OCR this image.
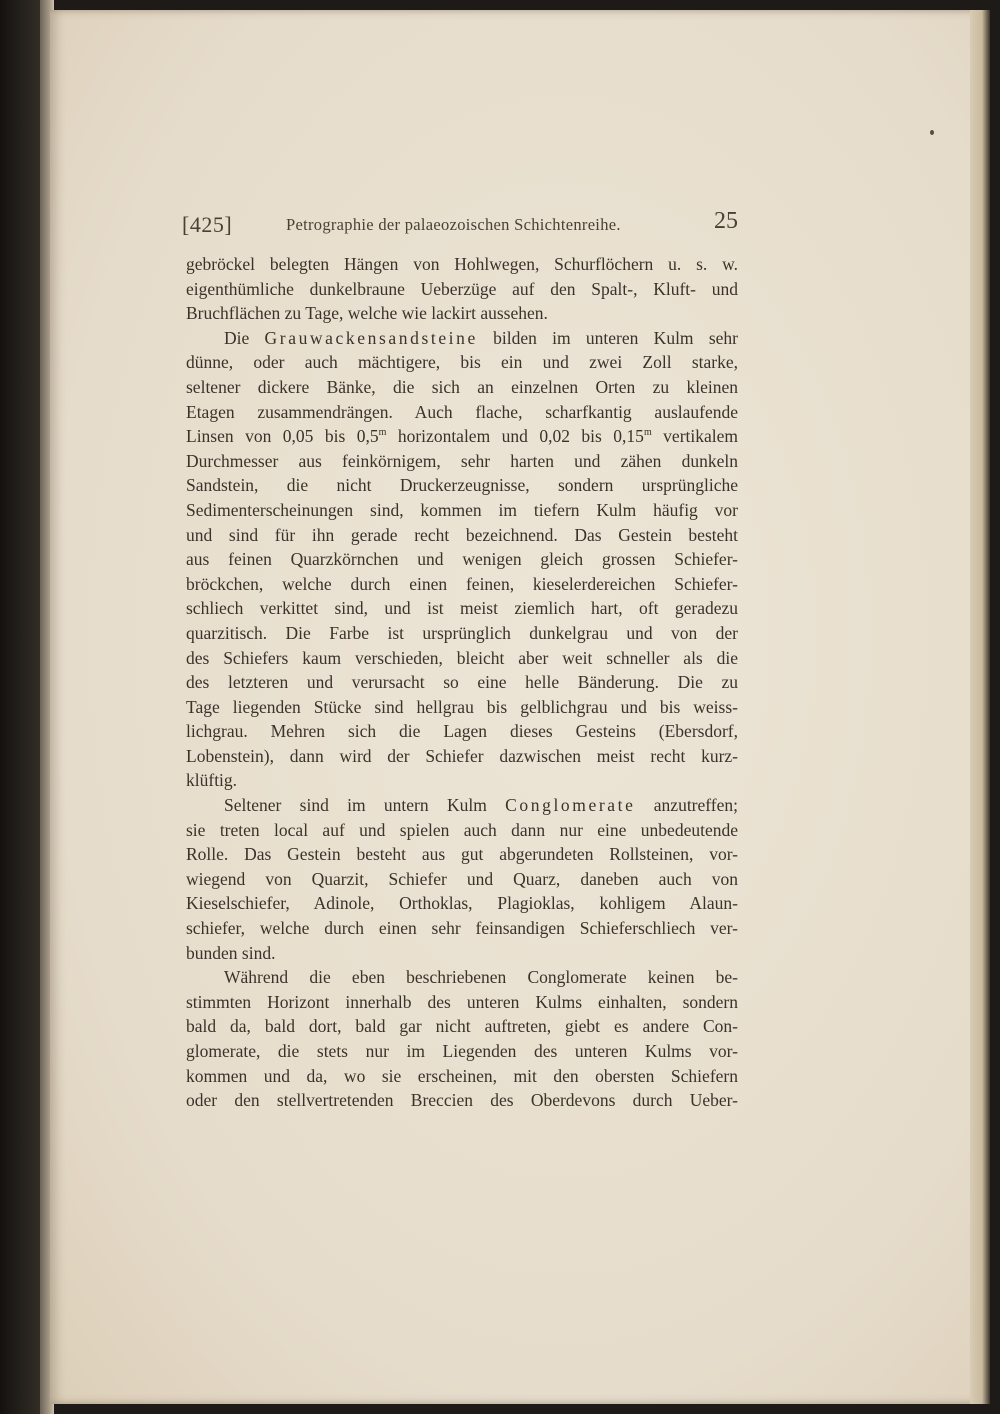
[425]	Petrographie der palaeozoischen Schichtenreihe.	25
gebröckel belegten Hängen von Hohlwegen, Schurflöchern u. s. w.
eigenthümliche dunkelbraune Ueberzüge auf den Spalt-, Kluft- und
Bruchflächen zu Tage, welche wie lackirt aussehen.
Die Grauwackensandsteine bilden im unteren Kulm sehr
dünne, oder auch mächtigere, bis ein und zwei Zoll starke,
seltener dickere Bänke, die sich an einzelnen Orten zu kleinen
Etagen zusammendrängen. Auch flache, scharfkantig auslaufende
Linsen von 0,05 bis 0,5$^m$ horizontalem und 0,02 bis 0,15$^m$ vertikalem
Durchmesser aus feinkörnigem, sehr harten und zähen dunkeln
Sandstein, die nicht Druckerzeugnisse, sondern ursprüngliche
Sedimenterscheinungen sind, kommen im tiefern Kulm häufig vor
und sind für ihn gerade recht bezeichnend. Das Gestein besteht
aus feinen Quarzkörnchen und wenigen gleich grossen Schiefer-
bröckchen, welche durch einen feinen, kieselerdereichen Schiefer-
schliech verkittet sind, und ist meist ziemlich hart, oft geradezu
quarzitisch. Die Farbe ist ursprünglich dunkelgrau und von der
des Schiefers kaum verschieden, bleicht aber weit schneller als die
des letzteren und verursacht so eine helle Bänderung. Die zu
Tage liegenden Stücke sind hellgrau bis gelblichgrau und bis weiss-
lichgrau. Mehren sich die Lagen dieses Gesteins (Ebersdorf,
Lobenstein), dann wird der Schiefer dazwischen meist recht kurz-
klüftig.
Seltener sind im untern Kulm Conglomerate anzutreffen;
sie treten local auf und spielen auch dann nur eine unbedeutende
Rolle. Das Gestein besteht aus gut abgerundeten Rollsteinen, vor-
wiegend von Quarzit, Schiefer und Quarz, daneben auch von
Kieselschiefer, Adinole, Orthoklas, Plagioklas, kohligem Alaun-
schiefer, welche durch einen sehr feinsandigen Schieferschliech ver-
bunden sind.
Während die eben beschriebenen Conglomerate keinen be-
stimmten Horizont innerhalb des unteren Kulms einhalten, sondern
bald da, bald dort, bald gar nicht auftreten, giebt es andere Con-
glomerate, die stets nur im Liegenden des unteren Kulms vor-
kommen und da, wo sie erscheinen, mit den obersten Schiefern
oder den stellvertretenden Breccien des Oberdevons durch Ueber-
